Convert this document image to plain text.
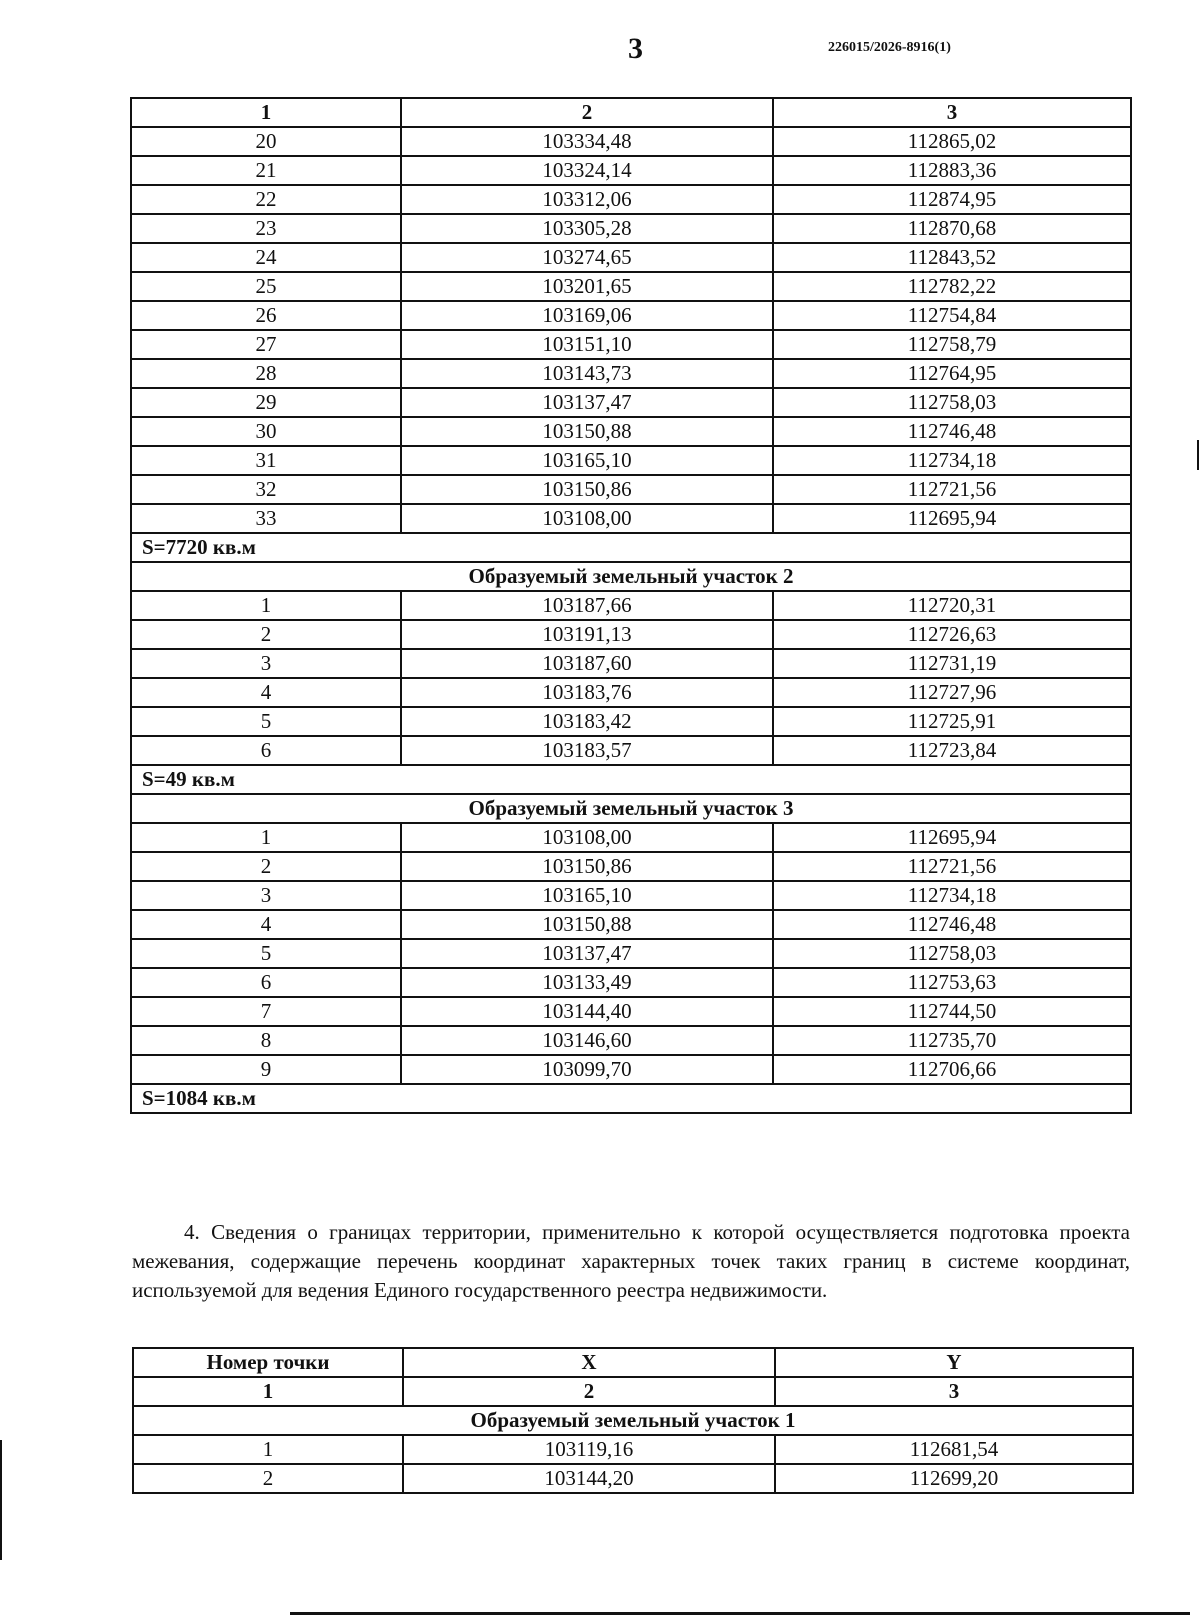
3	226015/2026-8916(1)
1	2	3
20	103334,48	112865,02
21	103324,14	112883,36
22	103312,06	112874,95
23	103305,28	112870,68
24	103274,65	112843,52
25	103201,65	112782,22
26	103169,06	112754,84
27	103151,10	112758,79
28	103143,73	112764,95
29	103137,47	112758,03
30	103150,88	112746,48
31	103165,10	112734,18
32	103150,86	112721,56
33	103108,00	112695,94
S=7720 кв.м		
Образуемый земельный участок 2		
1	103187,66	112720,31
2	103191,13	112726,63
3	103187,60	112731,19
4	103183,76	112727,96
5	103183,42	112725,91
6	103183,57	112723,84
S=49 кв.м		
Образуемый земельный участок 3		
1	103108,00	112695,94
2	103150,86	112721,56
3	103165,10	112734,18
4	103150,88	112746,48
5	103137,47	112758,03
6	103133,49	112753,63
7	103144,40	112744,50
8	103146,60	112735,70
9	103099,70	112706,66
S=1084 кв.м		
4. Сведения о границах территории, применительно к которой осуществляется подготовка проекта межевания, содержащие перечень координат характерных точек таких границ в системе координат, используемой для ведения Единого государственного реестра недвижимости.
Номер точки	X	Y
1	2	3
Образуемый земельный участок 1		
1	103119,16	112681,54
2	103144,20	112699,20
